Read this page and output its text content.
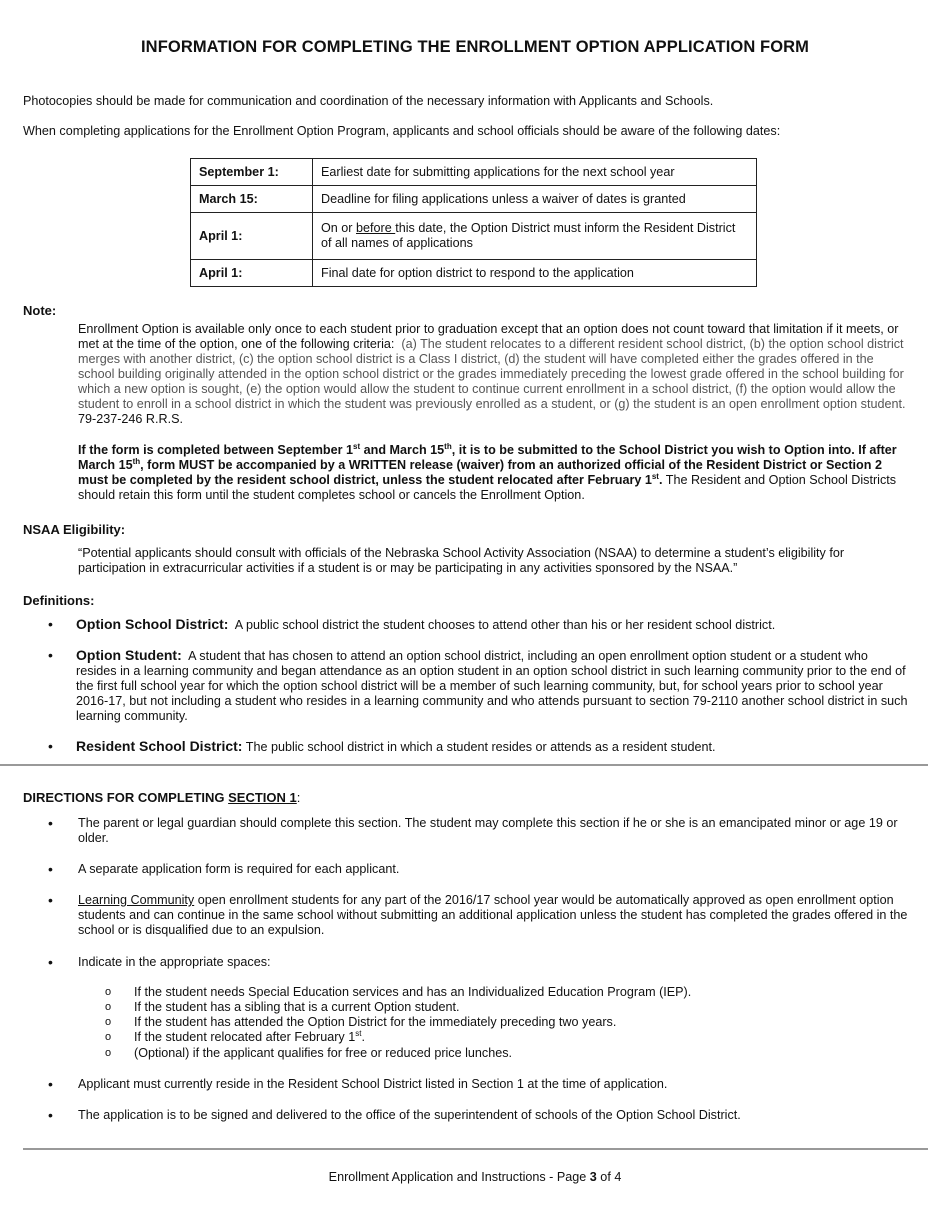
INFORMATION FOR COMPLETING THE ENROLLMENT OPTION APPLICATION FORM

Photocopies should be made for communication and coordination of the necessary information with Applicants and Schools.

When completing applications for the Enrollment Option Program, applicants and school officials should be aware of the following dates:

September 1:	Earliest date for submitting applications for the next school year
March 15:	Deadline for filing applications unless a waiver of dates is granted
April 1:	On or before this date, the Option District must inform the Resident District of all names of applications
April 1:	Final date for option district to respond to the application

Note:

Enrollment Option is available only once to each student prior to graduation except that an option does not count toward that limitation if it meets, or met at the time of the option, one of the following criteria: (a) The student relocates to a different resident school district, (b) the option school district merges with another district, (c) the option school district is a Class I district, (d) the student will have completed either the grades offered in the school building originally attended in the option school district or the grades immediately preceding the lowest grade offered in the school building for which a new option is sought, (e) the option would allow the student to continue current enrollment in a school district, (f) the option would allow the student to enroll in a school district in which the student was previously enrolled as a student, or (g) the student is an open enrollment option student. 79-237-246 R.R.S.

If the form is completed between September 1st and March 15th, it is to be submitted to the School District you wish to Option into. If after March 15th, form MUST be accompanied by a WRITTEN release (waiver) from an authorized official of the Resident District or Section 2 must be completed by the resident school district, unless the student relocated after February 1st. The Resident and Option School Districts should retain this form until the student completes school or cancels the Enrollment Option.

NSAA Eligibility:

“Potential applicants should consult with officials of the Nebraska School Activity Association (NSAA) to determine a student’s eligibility for participation in extracurricular activities if a student is or may be participating in any activities sponsored by the NSAA.”

Definitions:

• Option School District: A public school district the student chooses to attend other than his or her resident school district.

• Option Student: A student that has chosen to attend an option school district, including an open enrollment option student or a student who resides in a learning community and began attendance as an option student in an option school district in such learning community prior to the end of the first full school year for which the option school district will be a member of such learning community, but, for school years prior to school year 2016-17, but not including a student who resides in a learning community and who attends pursuant to section 79-2110 another school district in such learning community.

• Resident School District: The public school district in which a student resides or attends as a resident student.

DIRECTIONS FOR COMPLETING SECTION 1:

• The parent or legal guardian should complete this section. The student may complete this section if he or she is an emancipated minor or age 19 or older.

• A separate application form is required for each applicant.

• Learning Community open enrollment students for any part of the 2016/17 school year would be automatically approved as open enrollment option students and can continue in the same school without submitting an additional application unless the student has completed the grades offered in the school or is disqualified due to an expulsion.

• Indicate in the appropriate spaces:

o If the student needs Special Education services and has an Individualized Education Program (IEP).

o If the student has a sibling that is a current Option student.

o If the student has attended the Option District for the immediately preceding two years.

o If the student relocated after February 1st.

o (Optional) if the applicant qualifies for free or reduced price lunches.

• Applicant must currently reside in the Resident School District listed in Section 1 at the time of application.

• The application is to be signed and delivered to the office of the superintendent of schools of the Option School District.

Enrollment Application and Instructions - Page 3 of 4
